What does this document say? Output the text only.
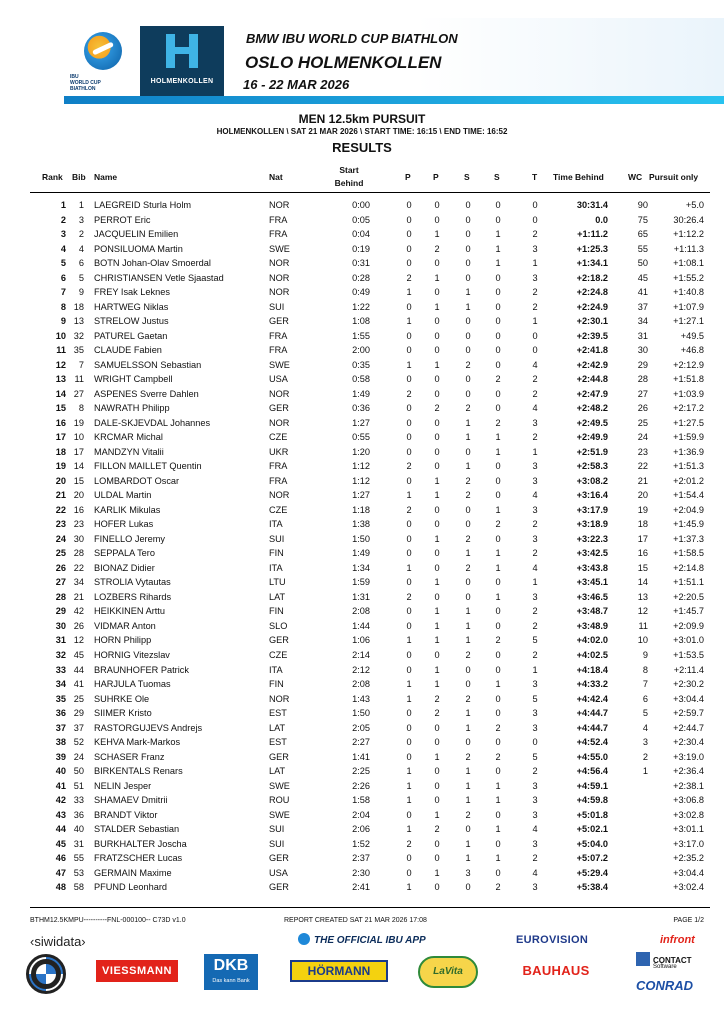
IBU
WORLD CUP
BIATHLON
HOLMENKOLLEN
BMW IBU WORLD CUP BIATHLON
OSLO HOLMENKOLLEN
16 - 22 MAR 2026
MEN 12.5km PURSUIT
HOLMENKOLLEN \ SAT 21 MAR 2026 \ START TIME: 16:15 \ END TIME: 16:52
RESULTS
Rank Bib Name	Nat
Start
Behind
P	P	S	S	T Time Behind	WC Pursuit only
1	1 LAEGREID Sturla Holm	NOR	0:00	0	0	0	0	0	30:31.4	90	+5.0
2	3 PERROT Eric	FRA	0:05	0	0	0	0	0	0.0	75	30:26.4
3	2 JACQUELIN Emilien	FRA	0:04	0	1	0	1	2	+1:11.2	65	+1:12.2
4	4 PONSILUOMA Martin	SWE	0:19	0	2	0	1	3	+1:25.3	55	+1:11.3
5	6 BOTN Johan-Olav Smoerdal	NOR	0:31	0	0	0	1	1	+1:34.1	50	+1:08.1
6	5 CHRISTIANSEN Vetle Sjaastad	NOR	0:28	2	1	0	0	3	+2:18.2	45	+1:55.2
7	9 FREY Isak Leknes	NOR	0:49	1	0	1	0	2	+2:24.8	41	+1:40.8
8 18 HARTWEG Niklas	SUI	1:22	0	1	1	0	2	+2:24.9	37	+1:07.9
9 13 STRELOW Justus	GER	1:08	1	0	0	0	1	+2:30.1	34	+1:27.1
10 32 PATUREL Gaetan	FRA	1:55	0	0	0	0	0	+2:39.5	31	+49.5
11 35 CLAUDE Fabien	FRA	2:00	0	0	0	0	0	+2:41.8	30	+46.8
12	7 SAMUELSSON Sebastian	SWE	0:35	1	1	2	0	4	+2:42.9	29	+2:12.9
13 11 WRIGHT Campbell	USA	0:58	0	0	0	2	2	+2:44.8	28	+1:51.8
14 27 ASPENES Sverre Dahlen	NOR	1:49	2	0	0	0	2	+2:47.9	27	+1:03.9
15	8 NAWRATH Philipp	GER	0:36	0	2	2	0	4	+2:48.2	26	+2:17.2
16 19 DALE-SKJEVDAL Johannes	NOR	1:27	0	0	1	2	3	+2:49.5	25	+1:27.5
17 10 KRCMAR Michal	CZE	0:55	0	0	1	1	2	+2:49.9	24	+1:59.9
18 17 MANDZYN Vitalii	UKR	1:20	0	0	0	1	1	+2:51.9	23	+1:36.9
19 14 FILLON MAILLET Quentin	FRA	1:12	2	0	1	0	3	+2:58.3	22	+1:51.3
20 15 LOMBARDOT Oscar	FRA	1:12	0	1	2	0	3	+3:08.2	21	+2:01.2
21 20 ULDAL Martin	NOR	1:27	1	1	2	0	4	+3:16.4	20	+1:54.4
22 16 KARLIK Mikulas	CZE	1:18	2	0	0	1	3	+3:17.9	19	+2:04.9
23 23 HOFER Lukas	ITA	1:38	0	0	0	2	2	+3:18.9	18	+1:45.9
24 30 FINELLO Jeremy	SUI	1:50	0	1	2	0	3	+3:22.3	17	+1:37.3
25 28 SEPPALA Tero	FIN	1:49	0	0	1	1	2	+3:42.5	16	+1:58.5
26 22 BIONAZ Didier	ITA	1:34	1	0	2	1	4	+3:43.8	15	+2:14.8
27 34 STROLIA Vytautas	LTU	1:59	0	1	0	0	1	+3:45.1	14	+1:51.1
28 21 LOZBERS Rihards	LAT	1:31	2	0	0	1	3	+3:46.5	13	+2:20.5
29 42 HEIKKINEN Arttu	FIN	2:08	0	1	1	0	2	+3:48.7	12	+1:45.7
30 26 VIDMAR Anton	SLO	1:44	0	1	1	0	2	+3:48.9	11	+2:09.9
31 12 HORN Philipp	GER	1:06	1	1	1	2	5	+4:02.0	10	+3:01.0
32 45 HORNIG Vitezslav	CZE	2:14	0	0	2	0	2	+4:02.5	9	+1:53.5
33 44 BRAUNHOFER Patrick	ITA	2:12	0	1	0	0	1	+4:18.4	8	+2:11.4
34 41 HARJULA Tuomas	FIN	2:08	1	1	0	1	3	+4:33.2	7	+2:30.2
35 25 SUHRKE Ole	NOR	1:43	1	2	2	0	5	+4:42.4	6	+3:04.4
36 29 SIIMER Kristo	EST	1:50	0	2	1	0	3	+4:44.7	5	+2:59.7
37 37 RASTORGUJEVS Andrejs	LAT	2:05	0	0	1	2	3	+4:44.7	4	+2:44.7
38 52 KEHVA Mark-Markos	EST	2:27	0	0	0	0	0	+4:52.4	3	+2:30.4
39 24 SCHASER Franz	GER	1:41	0	1	2	2	5	+4:55.0	2	+3:19.0
40 50 BIRKENTALS Renars	LAT	2:25	1	0	1	0	2	+4:56.4	1	+2:36.4
41 51 NELIN Jesper	SWE	2:26	1	0	1	1	3	+4:59.1	+2:38.1
42 33 SHAMAEV Dmitrii	ROU	1:58	1	0	1	1	3	+4:59.8	+3:06.8
43 36 BRANDT Viktor	SWE	2:04	0	1	2	0	3	+5:01.8	+3:02.8
44 40 STALDER Sebastian	SUI	2:06	1	2	0	1	4	+5:02.1	+3:01.1
45 31 BURKHALTER Joscha	SUI	1:52	2	0	1	0	3	+5:04.0	+3:17.0
46 55 FRATZSCHER Lucas	GER	2:37	0	0	1	1	2	+5:07.2	+2:35.2
47 53 GERMAIN Maxime	USA	2:30	0	1	3	0	4	+5:29.4	+3:04.4
48 58 PFUND Leonhard	GER	2:41	1	0	0	2	3	+5:38.4	+3:02.4
BTHM12.5KMPU----------FNL-000100-- C73D v1.0	REPORT CREATED SAT 21 MAR 2026 17:08	PAGE 1/2
‹siwidata›	THE OFFICIAL IBU APP	EUROVISION	infront
VIESSMANN	DKB
Das kann Bank
HÖRMANN	LaVita	BAUHAUS
CONTACT
Software
CONRAD
